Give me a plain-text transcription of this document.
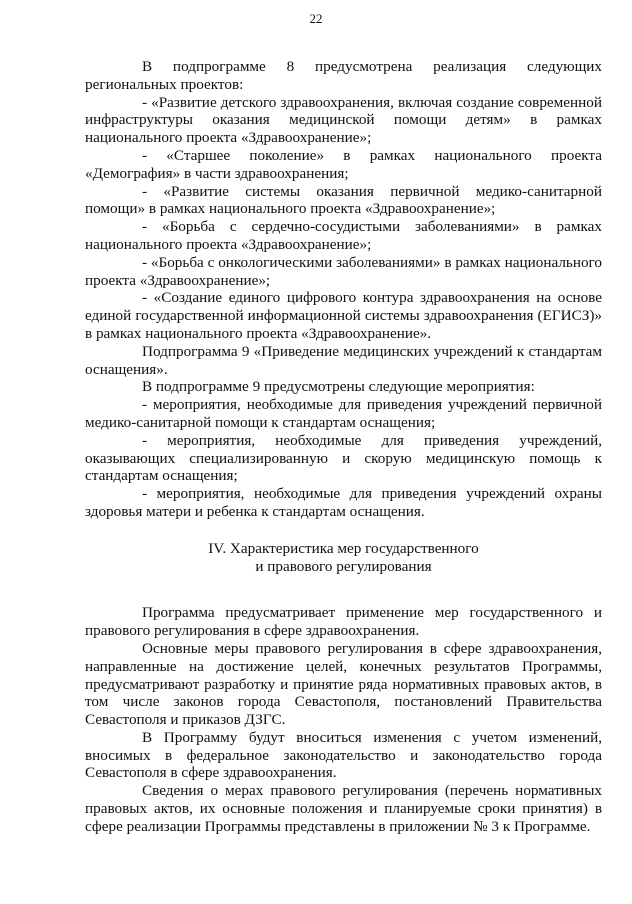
22

В подпрограмме 8 предусмотрена реализация следующих региональных проектов:

- «Развитие детского здравоохранения, включая создание современной инфраструктуры оказания медицинской помощи детям» в рамках национального проекта «Здравоохранение»;

- «Старшее поколение» в рамках национального проекта «Демография» в части здравоохранения;

- «Развитие системы оказания первичной медико-санитарной помощи» в рамках национального проекта «Здравоохранение»;

- «Борьба с сердечно-сосудистыми заболеваниями» в рамках национального проекта «Здравоохранение»;

- «Борьба с онкологическими заболеваниями» в рамках национального проекта «Здравоохранение»;

- «Создание единого цифрового контура здравоохранения на основе единой государственной информационной системы здравоохранения (ЕГИСЗ)» в рамках национального проекта «Здравоохранение».

Подпрограмма 9 «Приведение медицинских учреждений к стандартам оснащения».

В подпрограмме 9 предусмотрены следующие мероприятия:

- мероприятия, необходимые для приведения учреждений первичной медико-санитарной помощи к стандартам оснащения;

- мероприятия, необходимые для приведения учреждений, оказывающих специализированную и скорую медицинскую помощь к стандартам оснащения;

- мероприятия, необходимые для приведения учреждений охраны здоровья матери и ребенка к стандартам оснащения.

IV. Характеристика мер государственного
и правового регулирования

Программа предусматривает применение мер государственного и правового регулирования в сфере здравоохранения.

Основные меры правового регулирования в сфере здравоохранения, направленные на достижение целей, конечных результатов Программы, предусматривают разработку и принятие ряда нормативных правовых актов, в том числе законов города Севастополя, постановлений Правительства Севастополя и приказов ДЗГС.

В Программу будут вноситься изменения с учетом изменений, вносимых в федеральное законодательство и законодательство города Севастополя в сфере здравоохранения.

Сведения о мерах правового регулирования (перечень нормативных правовых актов, их основные положения и планируемые сроки принятия) в сфере реализации Программы представлены в приложении № 3 к Программе.
